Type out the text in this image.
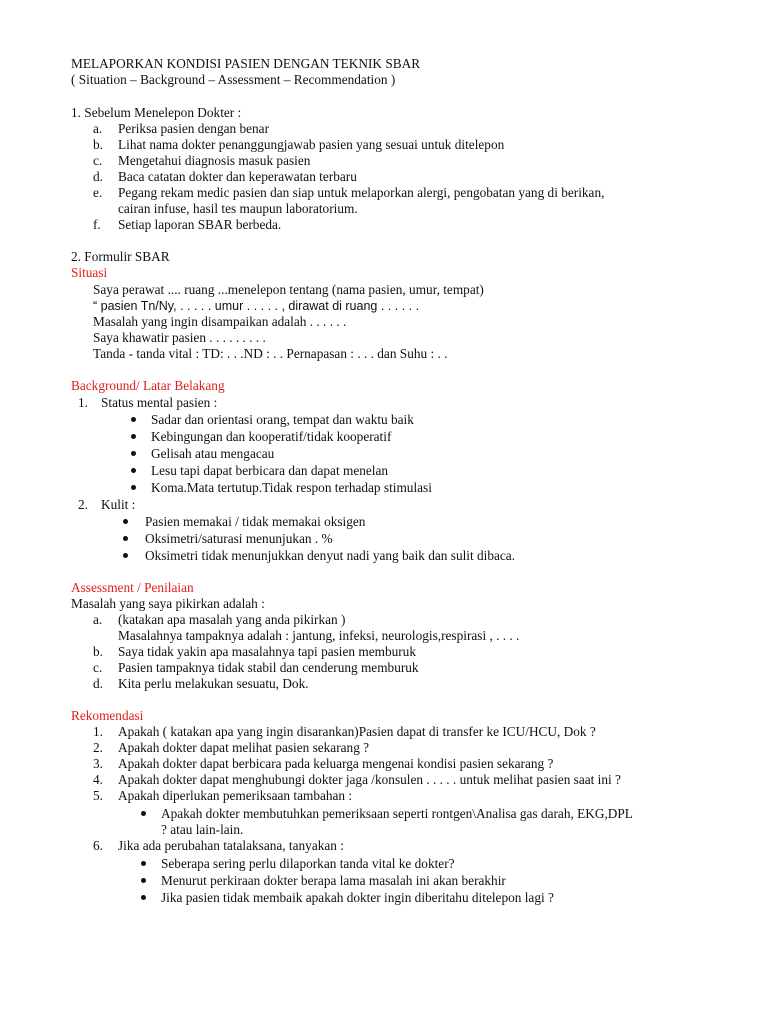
MELAPORKAN KONDISI PASIEN DENGAN TEKNIK SBAR
( Situation – Background – Assessment – Recommendation )
1. Sebelum Menelepon Dokter :
a. Periksa pasien dengan benar
b. Lihat nama dokter penanggungjawab pasien yang sesuai untuk ditelepon
c. Mengetahui diagnosis masuk pasien
d. Baca catatan dokter dan keperawatan terbaru
e. Pegang rekam medic pasien dan siap untuk melaporkan alergi, pengobatan yang di berikan,
cairan infuse, hasil tes maupun laboratorium.
f. Setiap laporan SBAR berbeda.
2. Formulir SBAR
Situasi
Saya perawat .... ruang ...menelepon tentang (nama pasien, umur, tempat)
“ pasien Tn/Ny, . . . . . umur . . . . . , dirawat di ruang . . . . . .
Masalah yang ingin disampaikan adalah . . . . . .
Saya khawatir pasien . . . . . . . . .
Tanda - tanda vital : TD: . . .ND : . . Pernapasan : . . . dan Suhu : . .
Background/ Latar Belakang
1. Status mental pasien :
Sadar dan orientasi orang, tempat dan waktu baik
Kebingungan dan kooperatif/tidak kooperatif
Gelisah atau mengacau
Lesu tapi dapat berbicara dan dapat menelan
Koma.Mata tertutup.Tidak respon terhadap stimulasi
2. Kulit :
Pasien memakai / tidak memakai oksigen
Oksimetri/saturasi menunjukan . %
Oksimetri tidak menunjukkan denyut nadi yang baik dan sulit dibaca.
Assessment / Penilaian
Masalah yang saya pikirkan adalah :
a. (katakan apa masalah yang anda pikirkan )
Masalahnya tampaknya adalah : jantung, infeksi, neurologis,respirasi , . . . .
b. Saya tidak yakin apa masalahnya tapi pasien memburuk
c. Pasien tampaknya tidak stabil dan cenderung memburuk
d. Kita perlu melakukan sesuatu, Dok.
Rekomendasi
1. Apakah ( katakan apa yang ingin disarankan)Pasien dapat di transfer ke ICU/HCU, Dok ?
2. Apakah dokter dapat melihat pasien sekarang ?
3. Apakah dokter dapat berbicara pada keluarga mengenai kondisi pasien sekarang ?
4. Apakah dokter dapat menghubungi dokter jaga /konsulen . . . . . untuk melihat pasien saat ini ?
5. Apakah diperlukan pemeriksaan tambahan :
Apakah dokter membutuhkan pemeriksaan seperti rontgen\Analisa gas darah, EKG,DPL
? atau lain-lain.
6. Jika ada perubahan tatalaksana, tanyakan :
Seberapa sering perlu dilaporkan tanda vital ke dokter?
Menurut perkiraan dokter berapa lama masalah ini akan berakhir
Jika pasien tidak membaik apakah dokter ingin diberitahu ditelepon lagi ?
